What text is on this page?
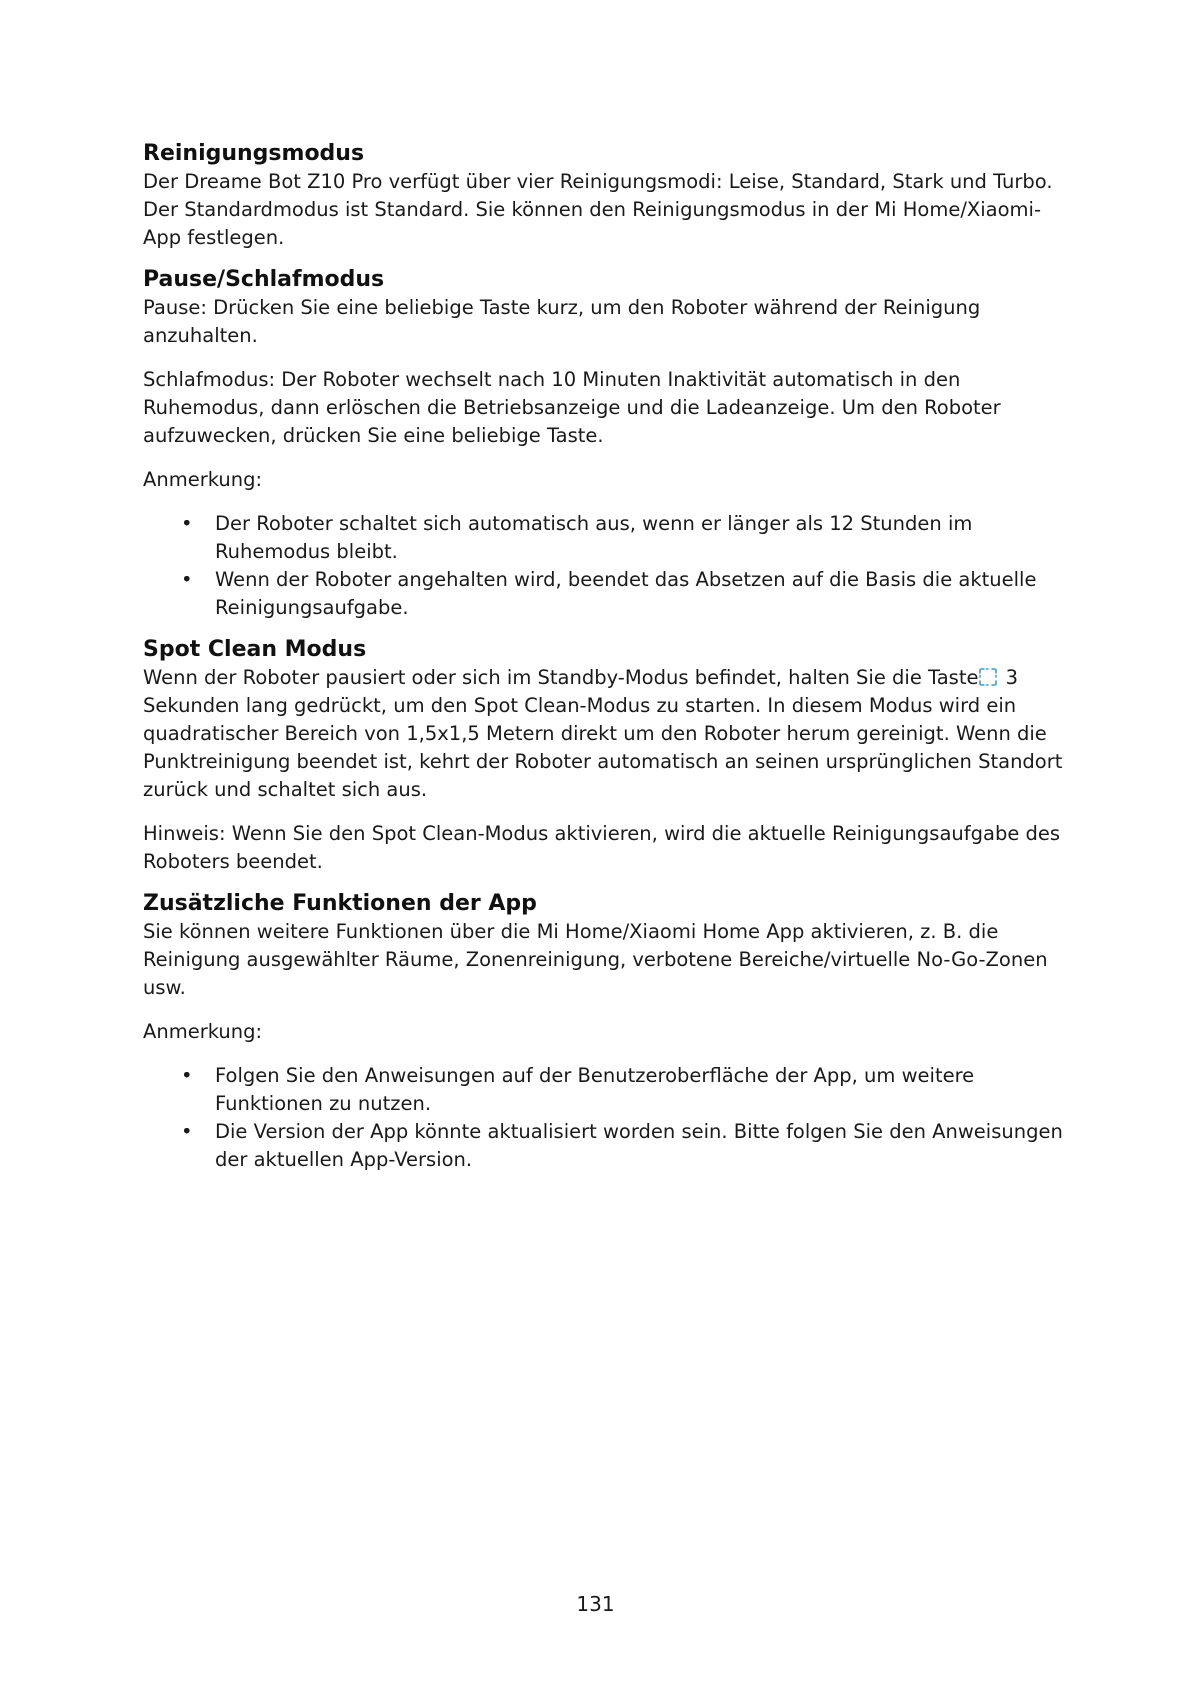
Reinigungsmodus

Der Dreame Bot Z10 Pro verfügt über vier Reinigungsmodi: Leise, Standard, Stark und Turbo. Der Standardmodus ist Standard. Sie können den Reinigungsmodus in der Mi Home/Xiaomi-App festlegen.

Pause/Schlafmodus

Pause: Drücken Sie eine beliebige Taste kurz, um den Roboter während der Reinigung anzuhalten.

Schlafmodus: Der Roboter wechselt nach 10 Minuten Inaktivität automatisch in den Ruhemodus, dann erlöschen die Betriebsanzeige und die Ladeanzeige. Um den Roboter aufzuwecken, drücken Sie eine beliebige Taste.

Anmerkung:

• Der Roboter schaltet sich automatisch aus, wenn er länger als 12 Stunden im Ruhemodus bleibt.
• Wenn der Roboter angehalten wird, beendet das Absetzen auf die Basis die aktuelle Reinigungsaufgabe.
Spot Clean Modus

Wenn der Roboter pausiert oder sich im Standby-Modus befindet, halten Sie die Taste 3 Sekunden lang gedrückt, um den Spot Clean-Modus zu starten. In diesem Modus wird ein quadratischer Bereich von 1,5x1,5 Metern direkt um den Roboter herum gereinigt. Wenn die Punktreinigung beendet ist, kehrt der Roboter automatisch an seinen ursprünglichen Standort zurück und schaltet sich aus.

Hinweis: Wenn Sie den Spot Clean-Modus aktivieren, wird die aktuelle Reinigungsaufgabe des Roboters beendet.

Zusätzliche Funktionen der App

Sie können weitere Funktionen über die Mi Home/Xiaomi Home App aktivieren, z. B. die Reinigung ausgewählter Räume, Zonenreinigung, verbotene Bereiche/virtuelle No-Go-Zonen usw.

Anmerkung:

• Folgen Sie den Anweisungen auf der Benutzeroberfläche der App, um weitere Funktionen zu nutzen.
• Die Version der App könnte aktualisiert worden sein. Bitte folgen Sie den Anweisungen der aktuellen App-Version.
131
